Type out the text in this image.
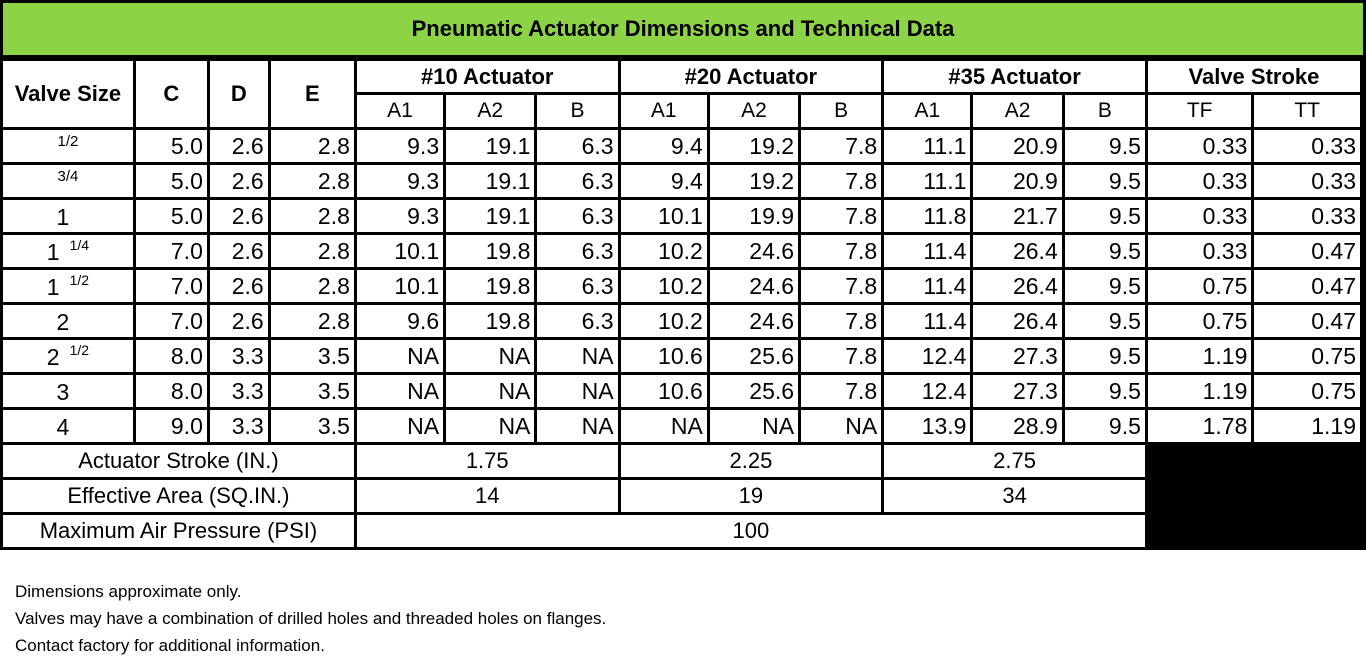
Pneumatic Actuator Dimensions and Technical Data
Valve Size	C	D	E	#10 Actuator			#20 Actuator			#35 Actuator			Valve Stroke	
				A1	A2	B	A1	A2	B	A1	A2	B	TF	TT
$^{1/2}$	5.0	2.6	2.8	9.3	19.1	6.3	9.4	19.2	7.8	11.1	20.9	9.5	0.33	0.33
$^{3/4}$	5.0	2.6	2.8	9.3	19.1	6.3	9.4	19.2	7.8	11.1	20.9	9.5	0.33	0.33
1	5.0	2.6	2.8	9.3	19.1	6.3	10.1	19.9	7.8	11.8	21.7	9.5	0.33	0.33
1 $^{1/4}$	7.0	2.6	2.8	10.1	19.8	6.3	10.2	24.6	7.8	11.4	26.4	9.5	0.33	0.47
1 $^{1/2}$	7.0	2.6	2.8	10.1	19.8	6.3	10.2	24.6	7.8	11.4	26.4	9.5	0.75	0.47
2	7.0	2.6	2.8	9.6	19.8	6.3	10.2	24.6	7.8	11.4	26.4	9.5	0.75	0.47
2 $^{1/2}$	8.0	3.3	3.5	NA	NA	NA	10.6	25.6	7.8	12.4	27.3	9.5	1.19	0.75
3	8.0	3.3	3.5	NA	NA	NA	10.6	25.6	7.8	12.4	27.3	9.5	1.19	0.75
4	9.0	3.3	3.5	NA	NA	NA	NA	NA	NA	13.9	28.9	9.5	1.78	1.19
Actuator Stroke (IN.)				1.75			2.25			2.75				
Effective Area (SQ.IN.)				14			19			34				
Maximum Air Pressure (PSI)				100										
Dimensions approximate only.
Valves may have a combination of drilled holes and threaded holes on flanges.
Contact factory for additional information.
